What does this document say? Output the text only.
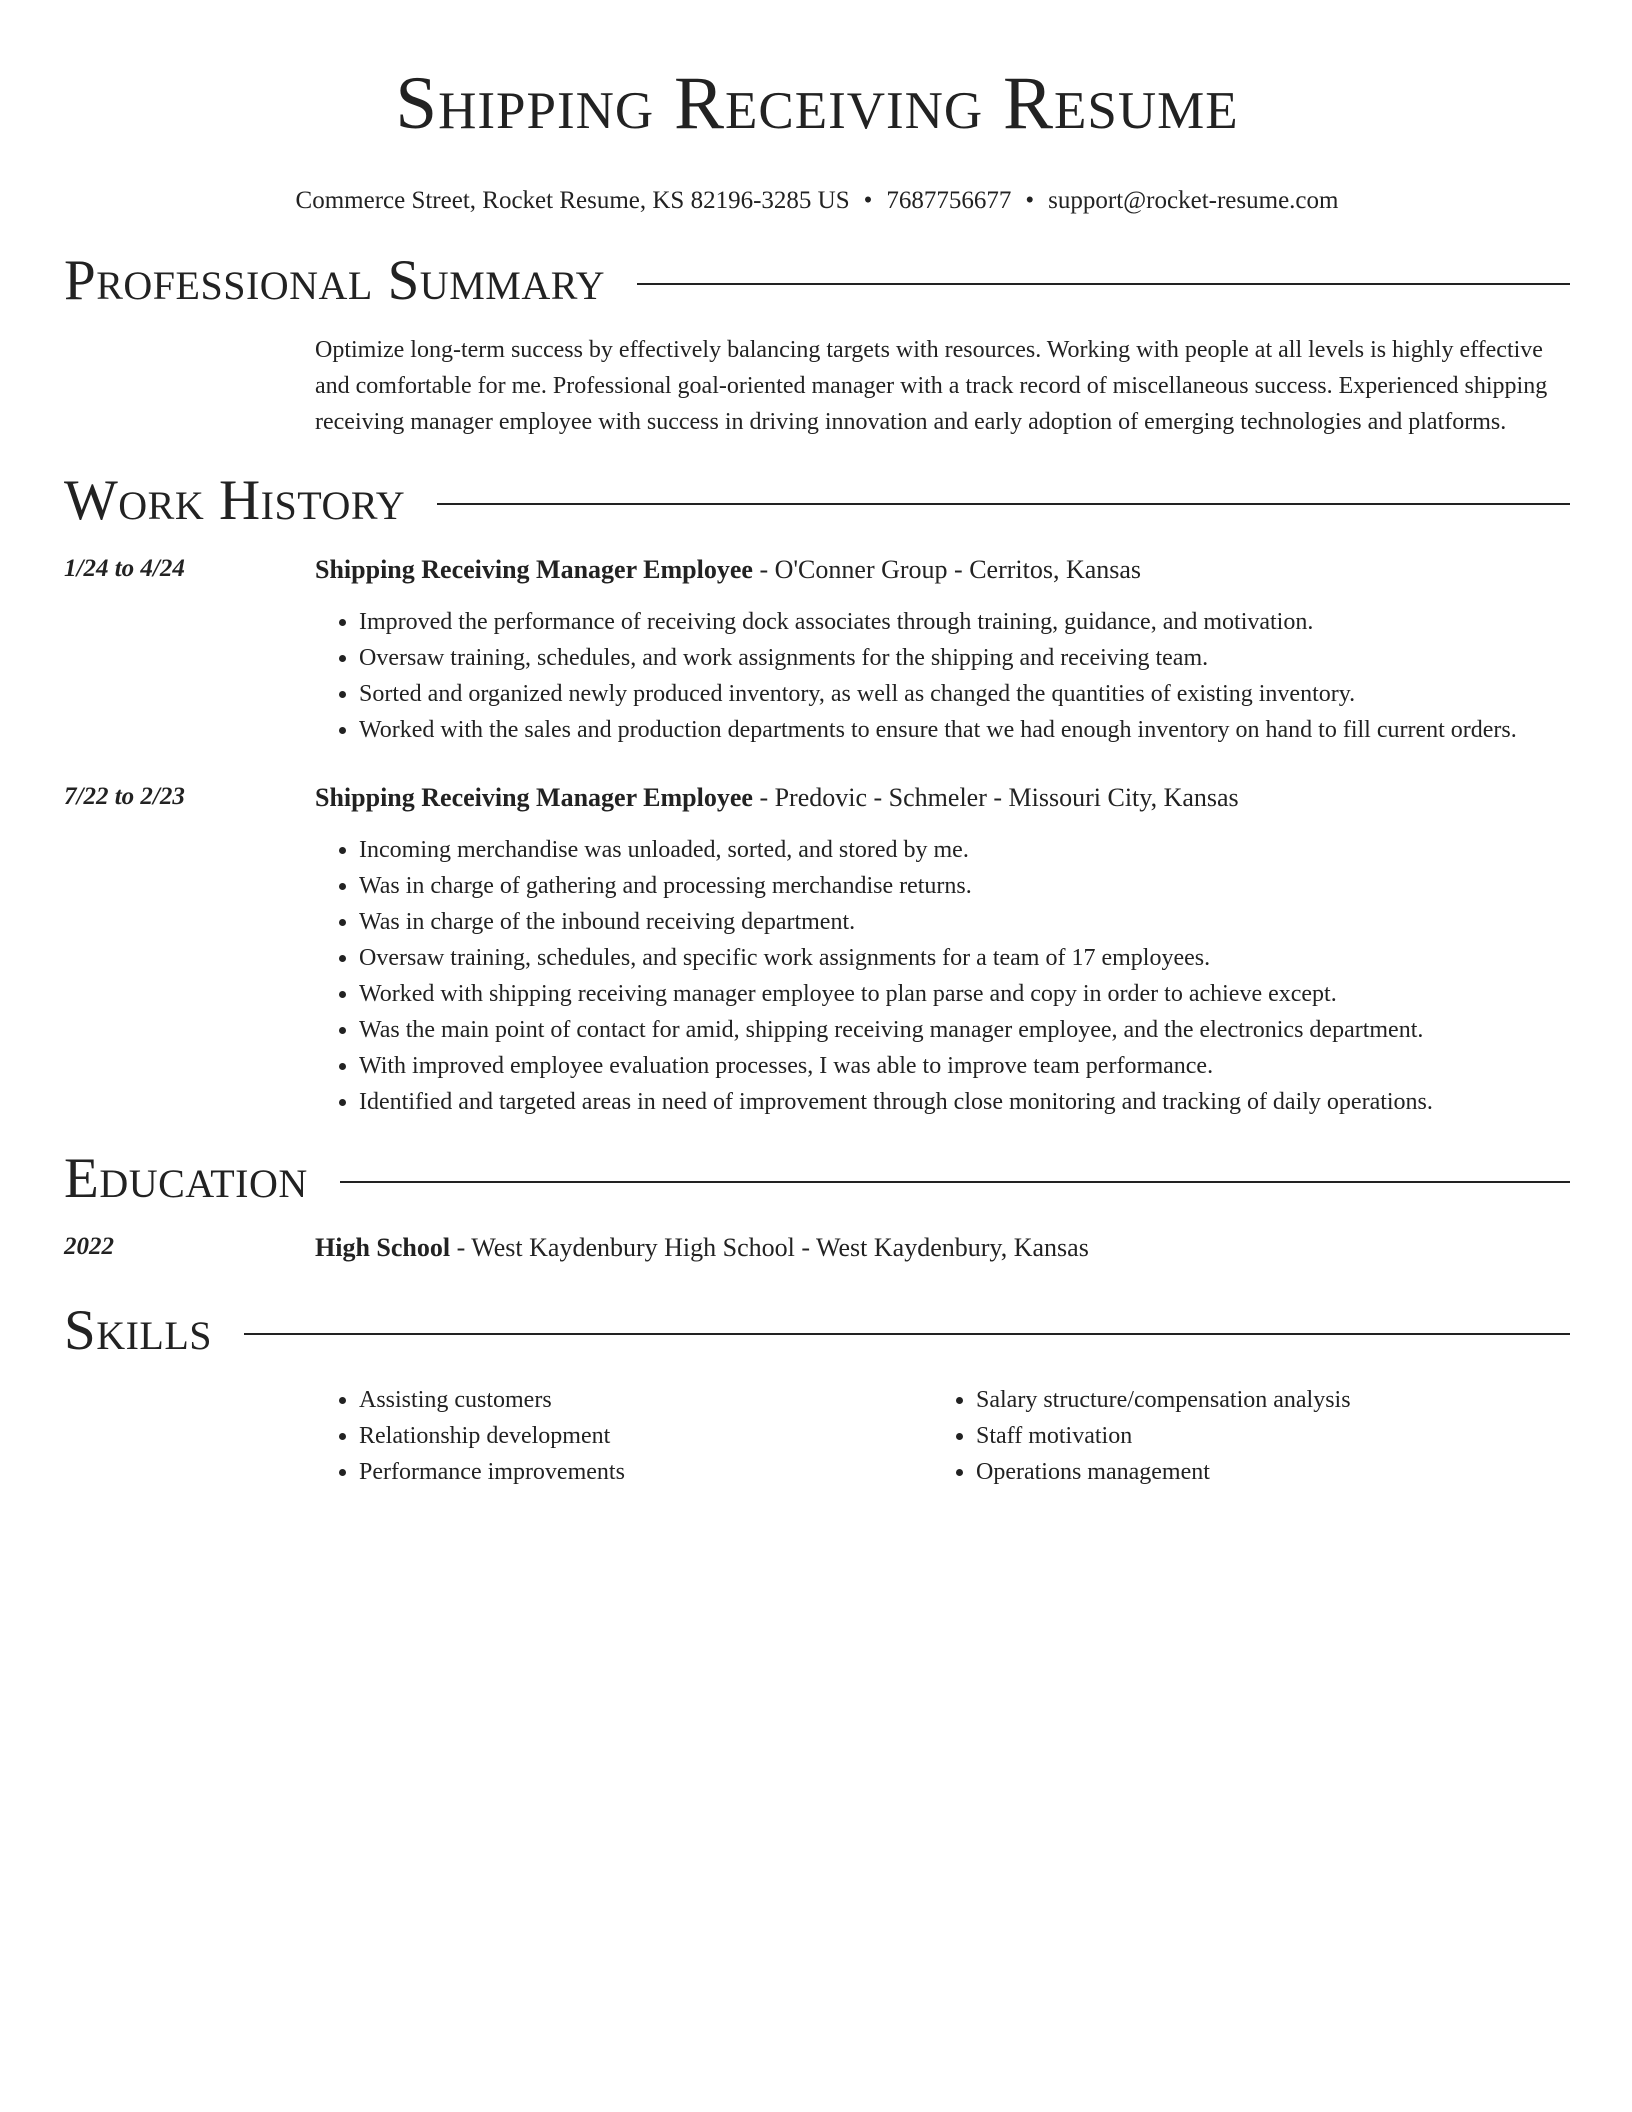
Shipping Receiving Resume
Commerce Street, Rocket Resume, KS 82196-3285 US • 7687756677 • support@rocket-resume.com
Professional Summary
Optimize long-term success by effectively balancing targets with resources. Working with people at all levels is highly effective and comfortable for me. Professional goal-oriented manager with a track record of miscellaneous success. Experienced shipping receiving manager employee with success in driving innovation and early adoption of emerging technologies and platforms.
Work History
1/24 to 4/24	Shipping Receiving Manager Employee - O'Conner Group - Cerritos, Kansas
• Improved the performance of receiving dock associates through training, guidance, and motivation.
• Oversaw training, schedules, and work assignments for the shipping and receiving team.
• Sorted and organized newly produced inventory, as well as changed the quantities of existing inventory.
• Worked with the sales and production departments to ensure that we had enough inventory on hand to fill current orders.
7/22 to 2/23	Shipping Receiving Manager Employee - Predovic - Schmeler - Missouri City, Kansas
• Incoming merchandise was unloaded, sorted, and stored by me.
• Was in charge of gathering and processing merchandise returns.
• Was in charge of the inbound receiving department.
• Oversaw training, schedules, and specific work assignments for a team of 17 employees.
• Worked with shipping receiving manager employee to plan parse and copy in order to achieve except.
• Was the main point of contact for amid, shipping receiving manager employee, and the electronics department.
• With improved employee evaluation processes, I was able to improve team performance.
• Identified and targeted areas in need of improvement through close monitoring and tracking of daily operations.
Education
2022	High School - West Kaydenbury High School - West Kaydenbury, Kansas
Skills
• Assisting customers
• Relationship development
• Performance improvements
• Salary structure/compensation analysis
• Staff motivation
• Operations management
